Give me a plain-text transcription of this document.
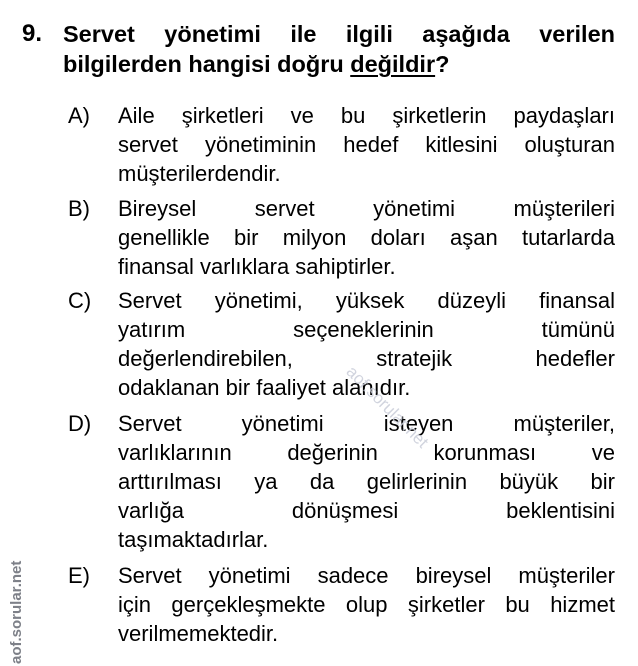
9. Servet yönetimi ile ilgili aşağıda verilen
bilgilerden hangisi doğru değildir?
A) Aile şirketleri ve bu şirketlerin paydaşları
servet yönetiminin hedef kitlesini oluşturan
müşterilerdendir.
B) Bireysel servet yönetimi müşterileri
genellikle bir milyon doları aşan tutarlarda
finansal varlıklara sahiptirler.
C) Servet yönetimi, yüksek düzeyli finansal
yatırım seçeneklerinin tümünü
değerlendirebilen, stratejik hedefler
odaklanan bir faaliyet alanıdır.
D) Servet yönetimi isteyen müşteriler,
varlıklarının değerinin korunması ve
arttırılması ya da gelirlerinin büyük bir
varlığa dönüşmesi beklentisini
taşımaktadırlar.
E) Servet yönetimi sadece bireysel müşteriler
için gerçekleşmekte olup şirketler bu hizmet
verilmemektedir.
aof.sorular.net
aof.sorular.net
